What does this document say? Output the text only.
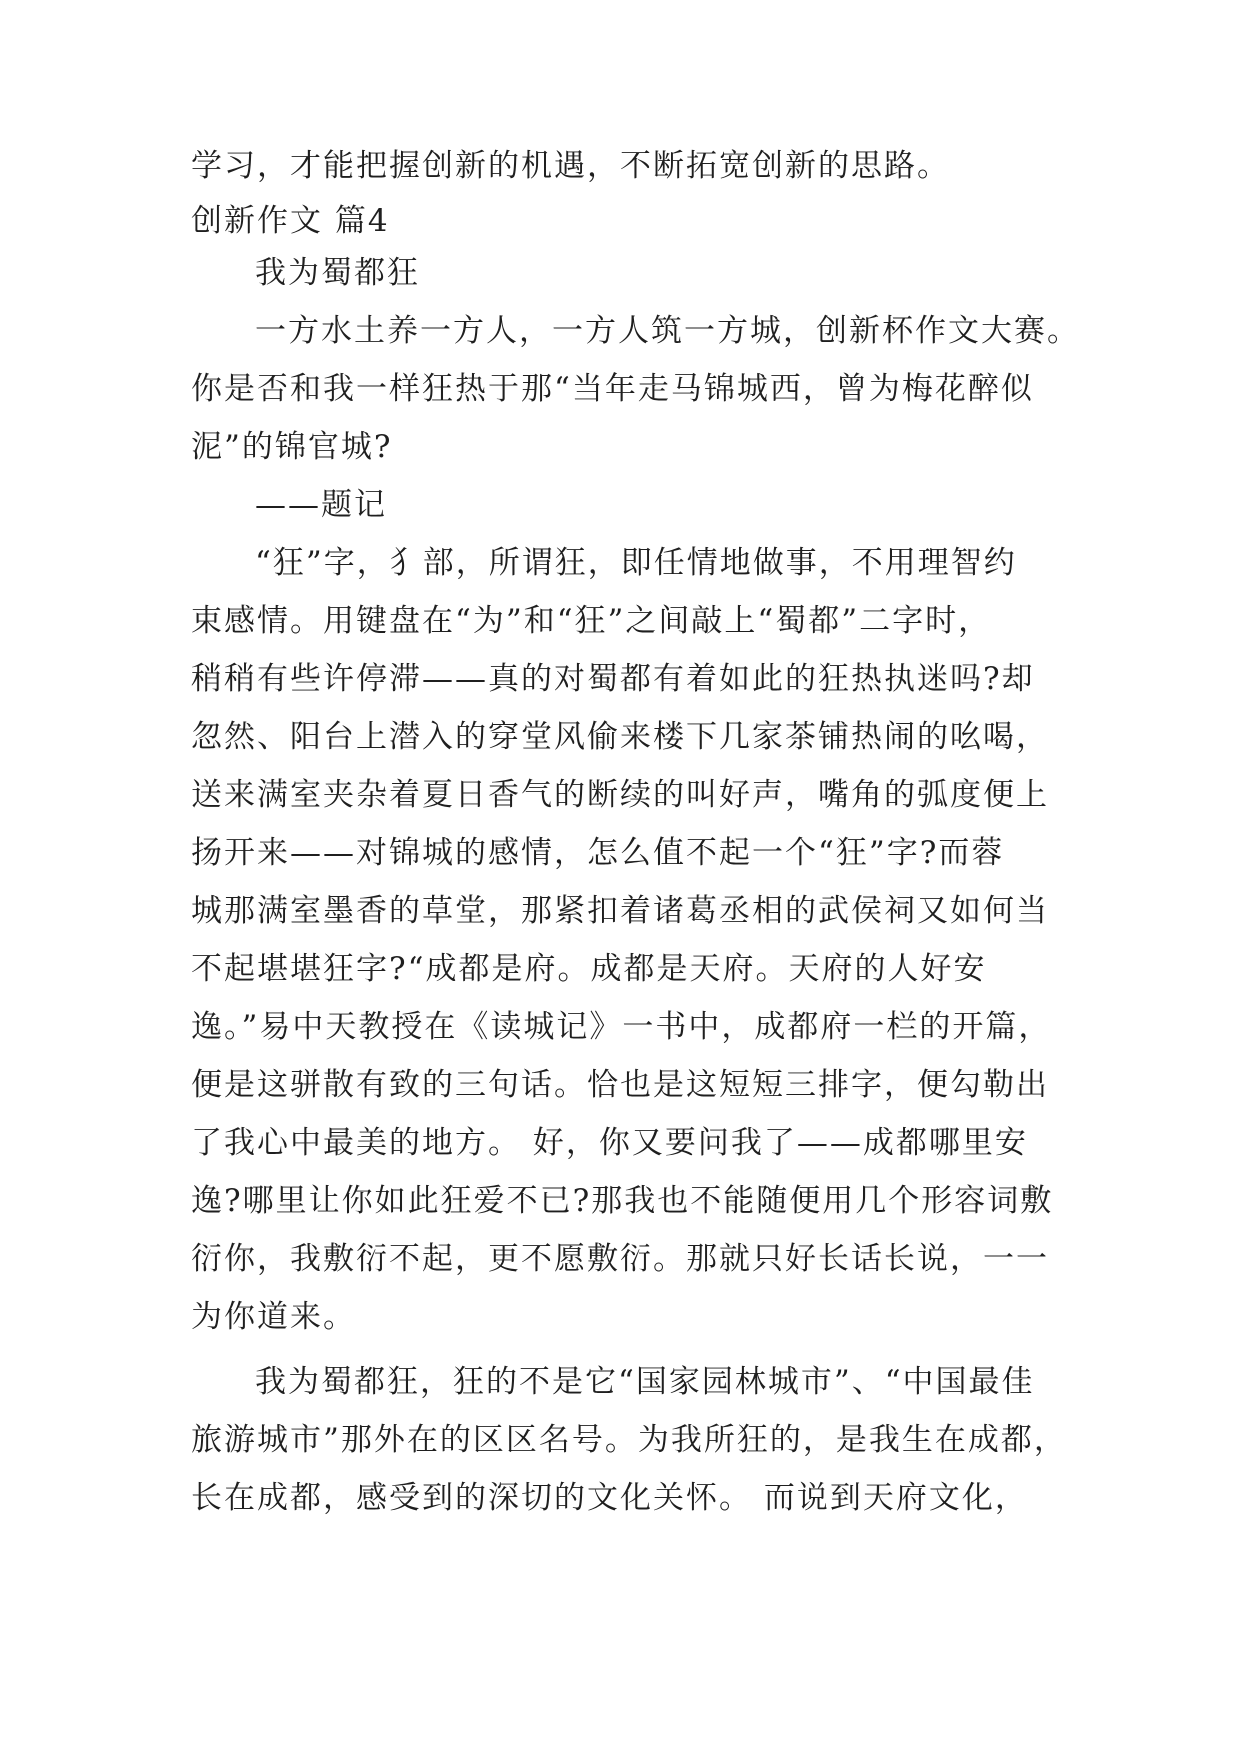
学习，才能把握创新的机遇，不断拓宽创新的思路。

创新作文 篇4

我为蜀都狂

一方水土养一方人，一方人筑一方城，创新杯作文大赛。

你是否和我一样狂热于那“当年走马锦城西，曾为梅花醉似

泥”的锦官城?

——题记

“狂”字，犭部，所谓狂，即任情地做事，不用理智约

束感情。用键盘在“为”和“狂”之间敲上“蜀都”二字时，

稍稍有些许停滞——真的对蜀都有着如此的狂热执迷吗?却

忽然、阳台上潜入的穿堂风偷来楼下几家茶铺热闹的吆喝，

送来满室夹杂着夏日香气的断续的叫好声，嘴角的弧度便上

扬开来——对锦城的感情，怎么值不起一个“狂”字?而蓉

城那满室墨香的草堂，那紧扣着诸葛丞相的武侯祠又如何当

不起堪堪狂字?“成都是府。成都是天府。天府的人好安

逸。”易中天教授在《读城记》一书中，成都府一栏的开篇，

便是这骈散有致的三句话。恰也是这短短三排字，便勾勒出

了我心中最美的地方。 好，你又要问我了——成都哪里安

逸?哪里让你如此狂爱不已?那我也不能随便用几个形容词敷

衍你，我敷衍不起，更不愿敷衍。那就只好长话长说，一一

为你道来。

我为蜀都狂，狂的不是它“国家园林城市”、“中国最佳

旅游城市”那外在的区区名号。为我所狂的，是我生在成都，

长在成都，感受到的深切的文化关怀。 而说到天府文化，
